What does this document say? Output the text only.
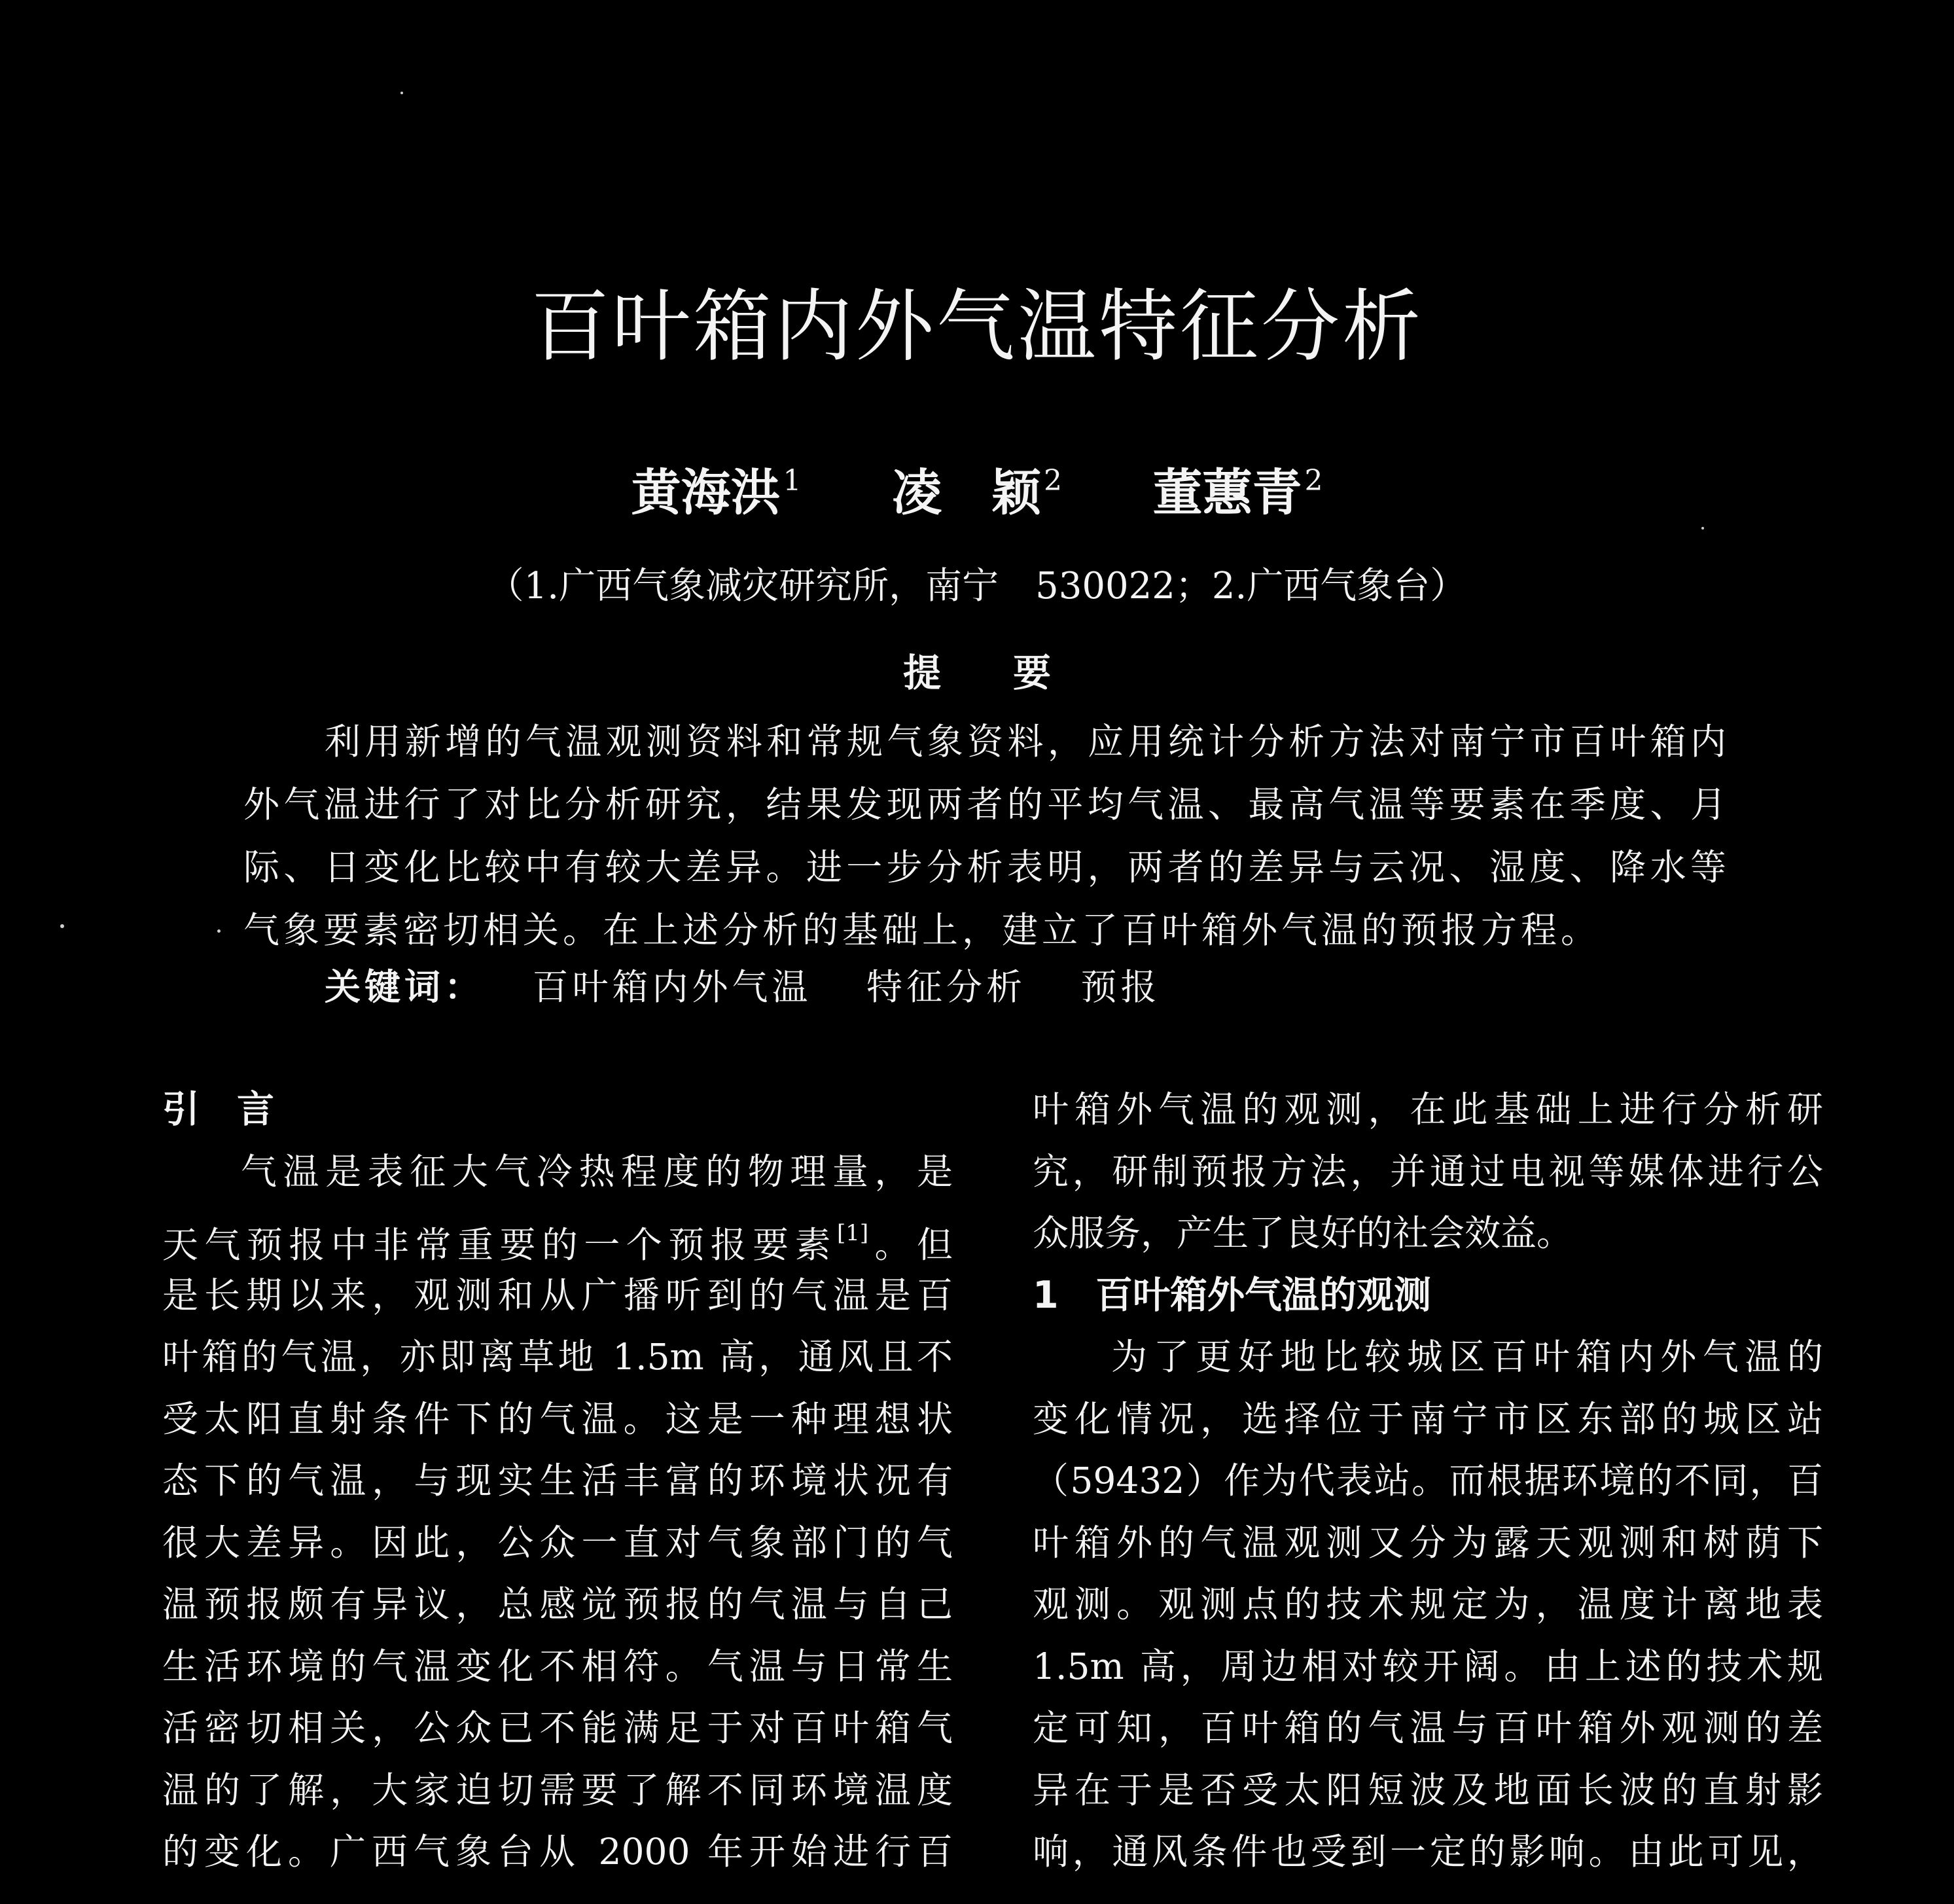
百叶箱内外气温特征分析
黄海洪$^1$ 凌　颖$^2$ 董蕙青$^2$
（1.广西气象减灾研究所，南宁　530022；2.广西气象台）
提要

利用新增的气温观测资料和常规气象资料，应用统计分析方法对南宁市百叶箱内外气温进行了对比分析研究，结果发现两者的平均气温、最高气温等要素在季度、月际、日变化比较中有较大差异。进一步分析表明，两者的差异与云况、湿度、降水等气象要素密切相关。在上述分析的基础上，建立了百叶箱外气温的预报方程。

关键词： 百叶箱内外气温 特征分析 预报
引　言
气温是表征大气冷热程度的物理量，是
天气预报中非常重要的一个预报要素[1]。但
是长期以来，观测和从广播听到的气温是百
叶箱的气温，亦即离草地 1.5m 高，通风且不
受太阳直射条件下的气温。这是一种理想状
态下的气温，与现实生活丰富的环境状况有
很大差异。因此，公众一直对气象部门的气
温预报颇有异议，总感觉预报的气温与自己
生活环境的气温变化不相符。气温与日常生
活密切相关，公众已不能满足于对百叶箱气
温的了解，大家迫切需要了解不同环境温度
的变化。广西气象台从 2000 年开始进行百
叶箱外气温的观测，在此基础上进行分析研
究，研制预报方法，并通过电视等媒体进行公
众服务，产生了良好的社会效益。
1 百叶箱外气温的观测
为了更好地比较城区百叶箱内外气温的
变化情况，选择位于南宁市区东部的城区站
（59432）作为代表站。而根据环境的不同，百
叶箱外的气温观测又分为露天观测和树荫下
观测。观测点的技术规定为，温度计离地表
1.5m 高，周边相对较开阔。由上述的技术规
定可知，百叶箱的气温与百叶箱外观测的差
异在于是否受太阳短波及地面长波的直射影
响，通风条件也受到一定的影响。由此可见，
